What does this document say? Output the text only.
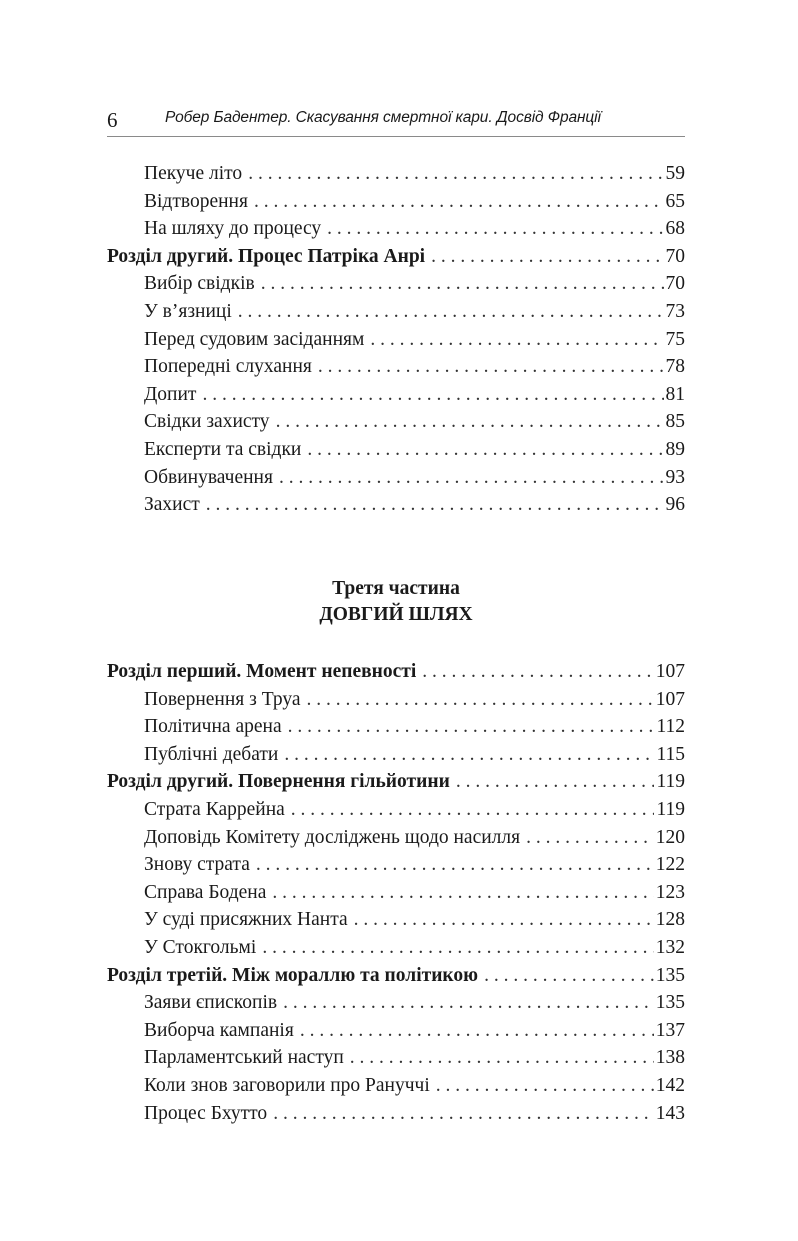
6	Робер Бадентер. Скасування смертної кари. Досвід Франції
Пекуче літо . . .	59
Відтворення . . .	65
На шляху до процесу . . .	68
Розділ другий. Процес Патріка Анрі . . .	70
Вибір свідків . . .	70
У в’язниці . . .	73
Перед судовим засіданням . . .	75
Попередні слухання . . .	78
Допит . . .	81
Свідки захисту . . .	85
Експерти та свідки . . .	89
Обвинувачення . . .	93
Захист . . .	96
Третя частина
ДОВГИЙ ШЛЯХ
Розділ перший. Момент непевності . . .	107
Повернення з Труа . . .	107
Політична арена . . .	112
Публічні дебати . . .	115
Розділ другий. Повернення гільйотини . . .	119
Страта Каррейна . . .	119
Доповідь Комітету досліджень щодо насилля . . .	120
Знову страта . . .	122
Справа Бодена . . .	123
У суді присяжних Нанта . . .	128
У Стокгольмі . . .	132
Розділ третій. Між мораллю та політикою . . .	135
Заяви єпископів . . .	135
Виборча кампанія . . .	137
Парламентський наступ . . .	138
Коли знов заговорили про Рануччі . . .	142
Процес Бхутто . . .	143
